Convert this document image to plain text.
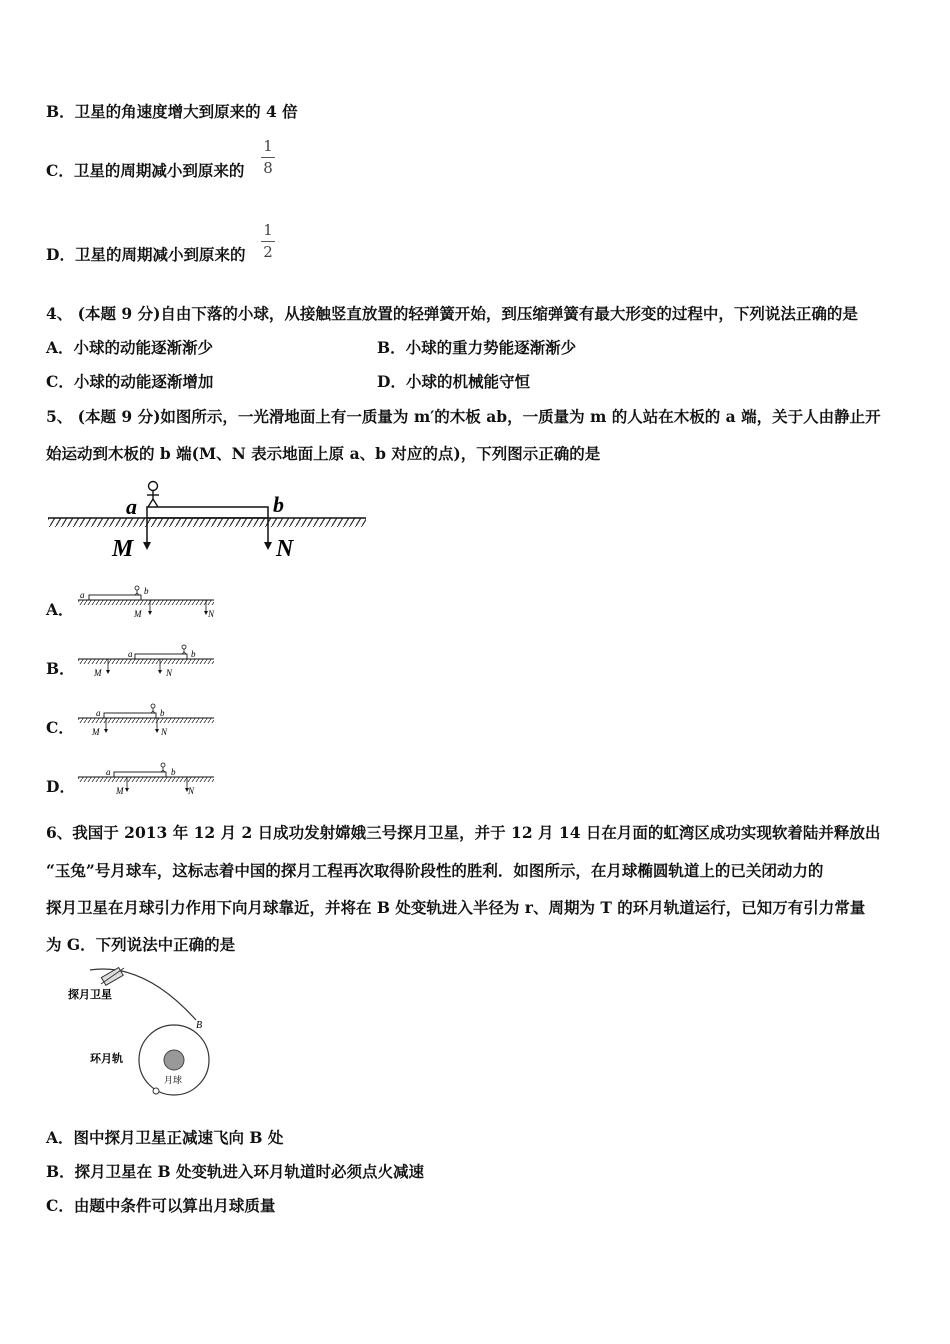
B．卫星的角速度增大到原来的 4 倍
C．卫星的周期减小到原来的
1
8
D．卫星的周期减小到原来的
1
2
4、 (本题 9 分)自由下落的小球，从接触竖直放置的轻弹簧开始，到压缩弹簧有最大形变的过程中，下列说法正确的是
A．小球的动能逐渐渐少	B．小球的重力势能逐渐渐少
C．小球的动能逐渐增加	D．小球的机械能守恒
5、 (本题 9 分)如图所示，一光滑地面上有一质量为 m′的木板 ab，一质量为 m 的人站在木板的 a 端，关于人由静止开
始运动到木板的 b 端(M、N 表示地面上原 a、b 对应的点)，下列图示正确的是
a	b
M	N
A．
a	b
M	N
B．
a	b
M	N
C．
a	b
M	N
D．
a	b
M	N
6、我国于 2013 年 12 月 2 日成功发射嫦娥三号探月卫星，并于 12 月 14 日在月面的虹湾区成功实现软着陆并释放出
“玉兔”号月球车，这标志着中国的探月工程再次取得阶段性的胜利．如图所示，在月球椭圆轨道上的已关闭动力的
探月卫星在月球引力作用下向月球靠近，并将在 B 处变轨进入半径为 r、周期为 T 的环月轨道运行，已知万有引力常量
为 G．下列说法中正确的是
探月卫星
环月轨
月球
B
A．图中探月卫星正减速飞向 B 处
B．探月卫星在 B 处变轨进入环月轨道时必须点火减速
C．由题中条件可以算出月球质量
